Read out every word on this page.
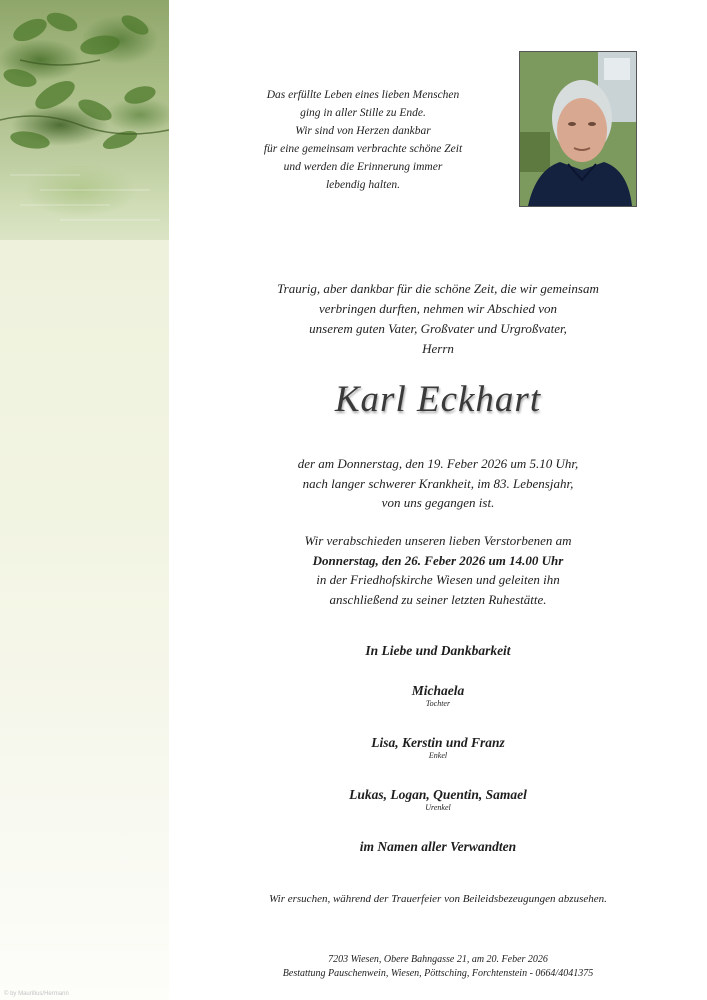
© by Mauritius/Hermann
Das erfüllte Leben eines lieben Menschen
ging in aller Stille zu Ende.
Wir sind von Herzen dankbar
für eine gemeinsam verbrachte schöne Zeit
und werden die Erinnerung immer
lebendig halten.
Traurig, aber dankbar für die schöne Zeit, die wir gemeinsam
verbringen durften, nehmen wir Abschied von
unserem guten Vater, Großvater und Urgroßvater,
Herrn
Karl Eckhart
der am Donnerstag, den 19. Feber 2026 um 5.10 Uhr,
nach langer schwerer Krankheit, im 83. Lebensjahr,
von uns gegangen ist.
Wir verabschieden unseren lieben Verstorbenen am
Donnerstag, den 26. Feber 2026 um 14.00 Uhr
in der Friedhofskirche Wiesen und geleiten ihn
anschließend zu seiner letzten Ruhestätte.
In Liebe und Dankbarkeit
Michaela
Tochter
Lisa, Kerstin und Franz
Enkel
Lukas, Logan, Quentin, Samael
Urenkel
im Namen aller Verwandten
Wir ersuchen, während der Trauerfeier von Beileidsbezeugungen abzusehen.
7203 Wiesen, Obere Bahngasse 21, am 20. Feber 2026
Bestattung Pauschenwein, Wiesen, Pöttsching, Forchtenstein - 0664/4041375
